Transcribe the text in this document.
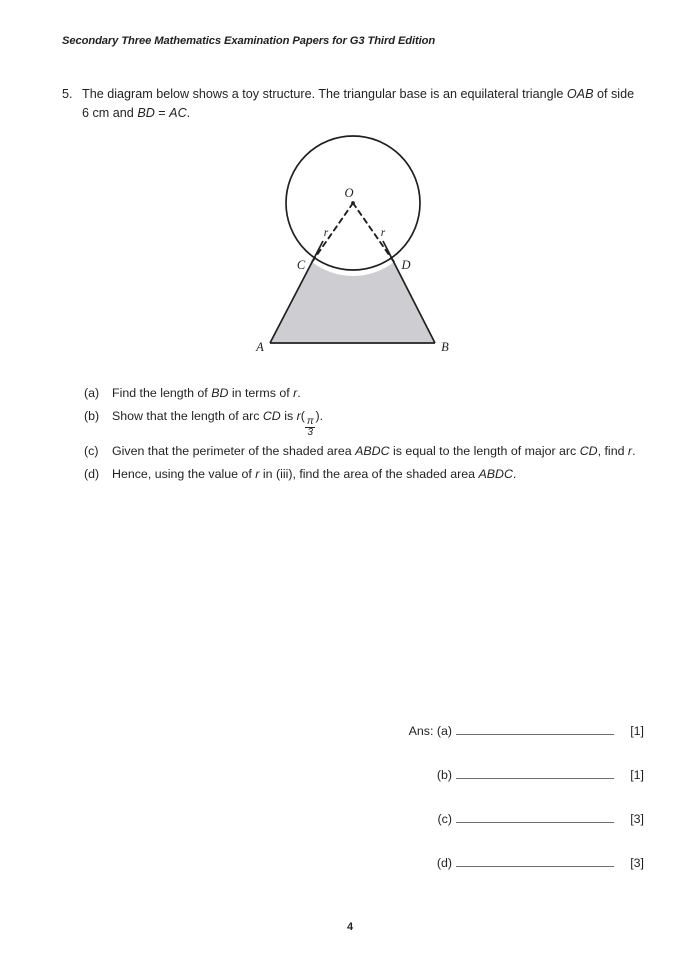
Secondary Three Mathematics Examination Papers for G3 Third Edition
5. The diagram below shows a toy structure. The triangular base is an equilateral triangle OAB of side 6 cm and BD = AC.
O
r	r
C	D
A	B
(a)	Find the length of BD in terms of r.
(b)	Show that the length of arc CD is r(
$\frac{\pi}{3}$
).
(c)	Given that the perimeter of the shaded area ABDC is equal to the length of major arc CD, find r.
(d)	Hence, using the value of r in (iii), find the area of the shaded area ABDC.
Ans: (a)	[1]
(b)	[1]
(c)	[3]
(d)	[3]
4
